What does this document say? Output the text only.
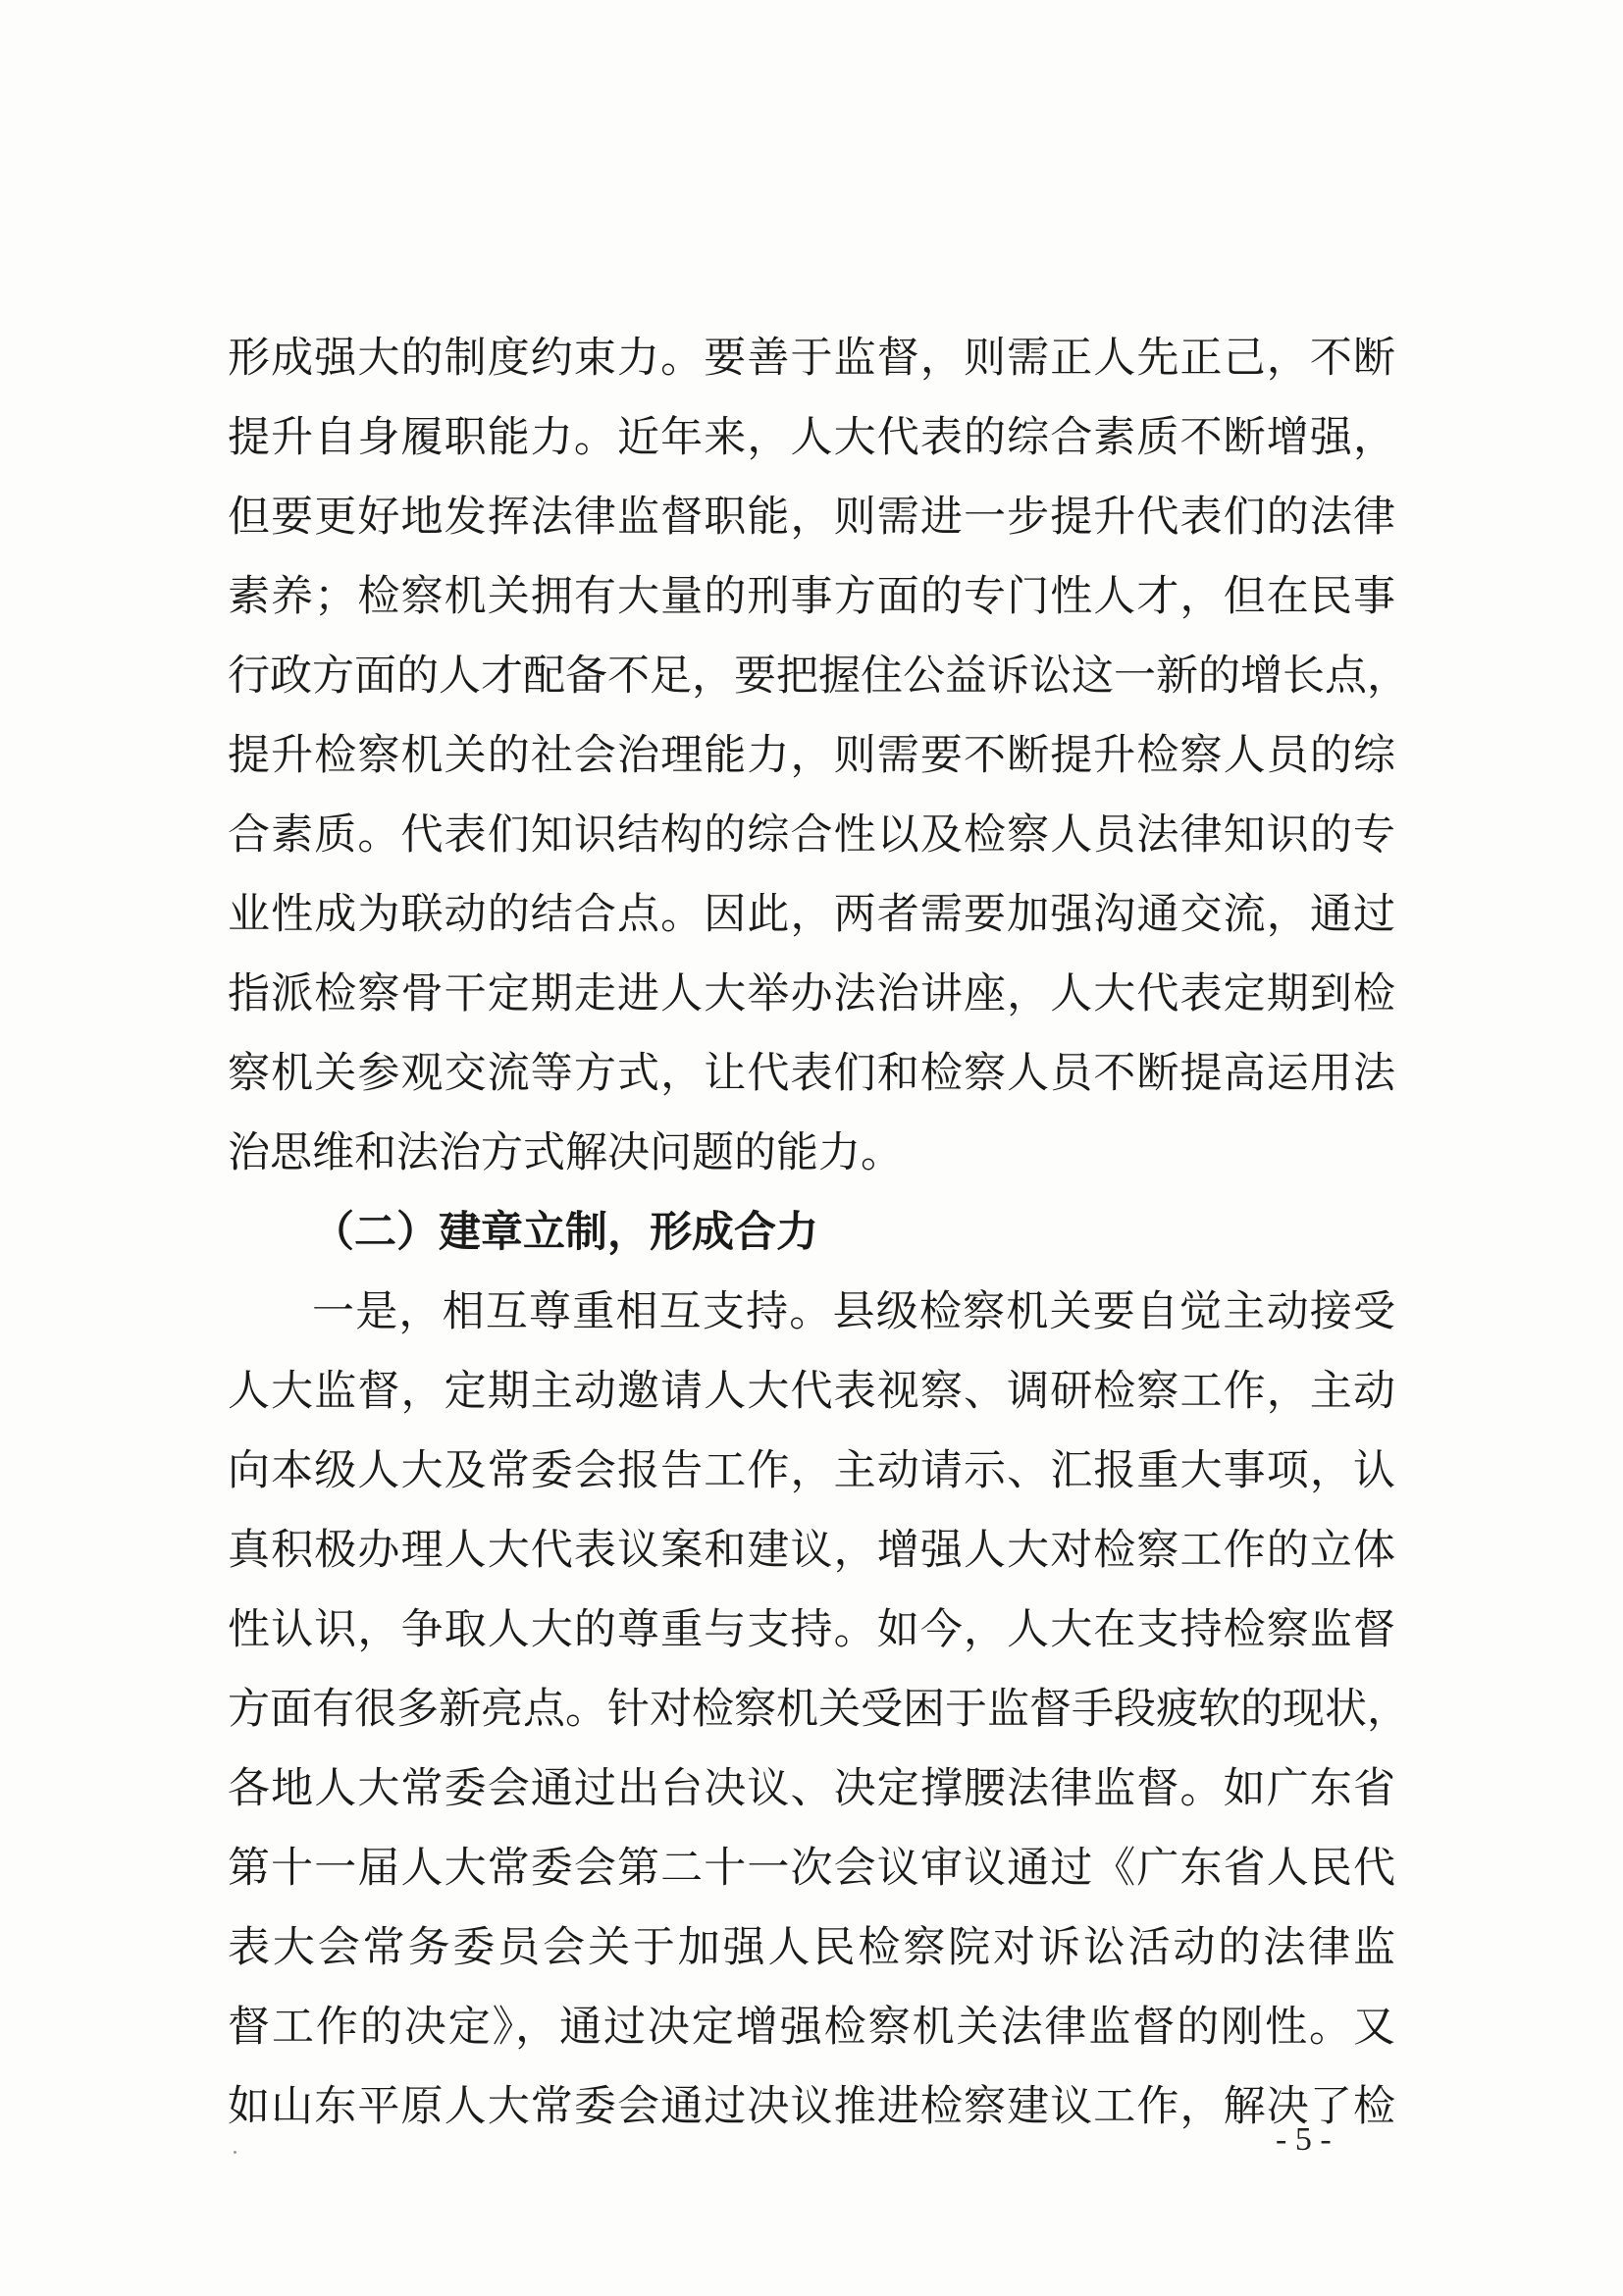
形成强大的制度约束力。要善于监督，则需正人先正己，不断
提升自身履职能力。近年来，人大代表的综合素质不断增强，
但要更好地发挥法律监督职能，则需进一步提升代表们的法律
素养；检察机关拥有大量的刑事方面的专门性人才，但在民事
行政方面的人才配备不足，要把握住公益诉讼这一新的增长点，
提升检察机关的社会治理能力，则需要不断提升检察人员的综
合素质。代表们知识结构的综合性以及检察人员法律知识的专
业性成为联动的结合点。因此，两者需要加强沟通交流，通过
指派检察骨干定期走进人大举办法治讲座，人大代表定期到检
察机关参观交流等方式，让代表们和检察人员不断提高运用法
治思维和法治方式解决问题的能力。
（二）建章立制，形成合力
一是，相互尊重相互支持。县级检察机关要自觉主动接受
人大监督，定期主动邀请人大代表视察、调研检察工作，主动
向本级人大及常委会报告工作，主动请示、汇报重大事项，认
真积极办理人大代表议案和建议，增强人大对检察工作的立体
性认识，争取人大的尊重与支持。如今，人大在支持检察监督
方面有很多新亮点。针对检察机关受困于监督手段疲软的现状，
各地人大常委会通过出台决议、决定撑腰法律监督。如广东省
第十一届人大常委会第二十一次会议审议通过《广东省人民代
表大会常务委员会关于加强人民检察院对诉讼活动的法律监
督工作的决定》，通过决定增强检察机关法律监督的刚性。又
如山东平原人大常委会通过决议推进检察建议工作，解决了检
- 5 -
